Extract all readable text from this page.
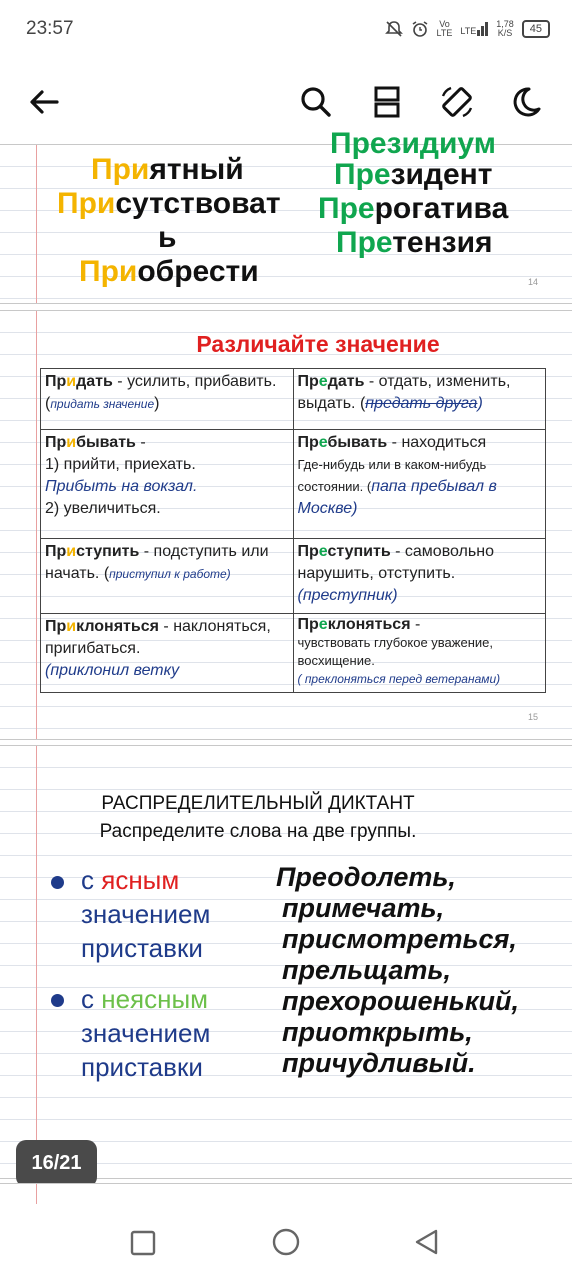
23:57	Vo
LTE LTE
1,78
K/S	45
Президиум
Приятный
Присутствоват
ь
Приобрести
Президент
Прерогатива
Претензия
14
Различайте значение
15
Придать - усилить, прибавить. (придать значение)	Предать - отдать, изменить, выдать. (предать друга)
Прибывать -
1) прийти, приехать.
Прибыть на вокзал.
2) увеличиться.	Пребывать - находиться
Где-нибудь или в каком-нибудь состоянии. (папа пребывал в Москве)
Приступить - подступить или начать. (приступил к работе)	Преступить - самовольно нарушить, отступить.
(преступник)
Приклоняться - наклоняться, пригибаться.
(приклонил ветку	Преклоняться -
чувствовать глубокое уважение, восхищение.
( преклоняться перед ветеранами)
РАСПРЕДЕЛИТЕЛЬНЫЙ ДИКТАНТ
Распределите слова на две группы.
с ясным
значением
приставки
с неясным
значением
приставки
Преодолеть,
примечать,
присмотреться,
прельщать,
прехорошенький,
приоткрыть,
причудливый.
16/21
